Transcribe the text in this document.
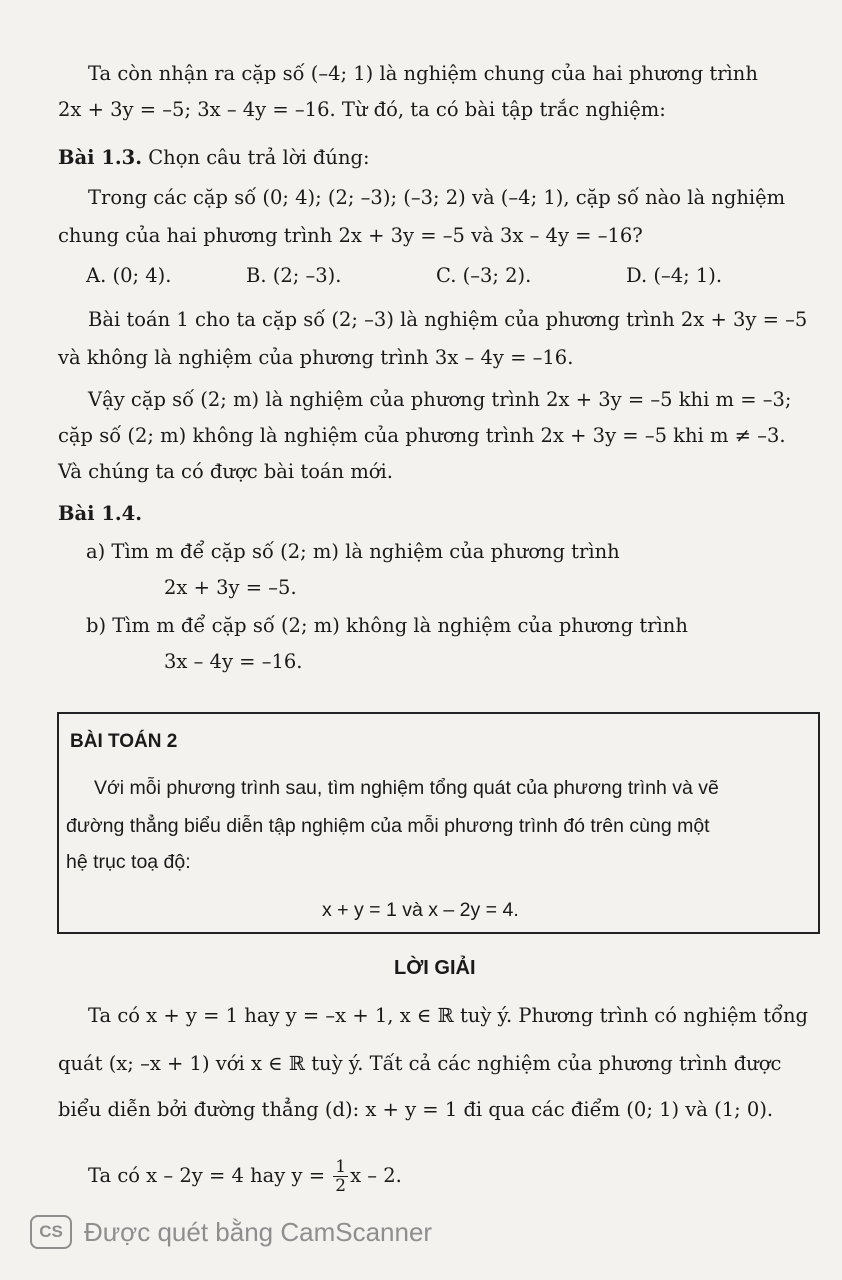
Ta còn nhận ra cặp số (–4; 1) là nghiệm chung của hai phương trình
2x + 3y = –5; 3x – 4y = –16. Từ đó, ta có bài tập trắc nghiệm:
Bài 1.3. Chọn câu trả lời đúng:
Trong các cặp số (0; 4); (2; –3); (–3; 2) và (–4; 1), cặp số nào là nghiệm
chung của hai phương trình 2x + 3y = –5 và 3x – 4y = –16?
A. (0; 4).	B. (2; –3).	C. (–3; 2).	D. (–4; 1).
Bài toán 1 cho ta cặp số (2; –3) là nghiệm của phương trình 2x + 3y = –5
và không là nghiệm của phương trình 3x – 4y = –16.
Vậy cặp số (2; m) là nghiệm của phương trình 2x + 3y = –5 khi m = –3;
cặp số (2; m) không là nghiệm của phương trình 2x + 3y = –5 khi m ≠ –3.
Và chúng ta có được bài toán mới.
Bài 1.4.
a) Tìm m để cặp số (2; m) là nghiệm của phương trình
2x + 3y = –5.
b) Tìm m để cặp số (2; m) không là nghiệm của phương trình
3x – 4y = –16.
BÀI TOÁN 2
Với mỗi phương trình sau, tìm nghiệm tổng quát của phương trình và vẽ
đường thẳng biểu diễn tập nghiệm của mỗi phương trình đó trên cùng một
hệ trục toạ độ:
x + y = 1 và x – 2y = 4.
LỜI GIẢI
Ta có x + y = 1 hay y = –x + 1, x ∈ ℝ tuỳ ý. Phương trình có nghiệm tổng
quát (x; –x + 1) với x ∈ ℝ tuỳ ý. Tất cả các nghiệm của phương trình được
biểu diễn bởi đường thẳng (d): x + y = 1 đi qua các điểm (0; 1) và (1; 0).
Ta có x – 2y = 4 hay $y = \frac{1}{2}$ x – 2.
CS Được quét bằng CamScanner
